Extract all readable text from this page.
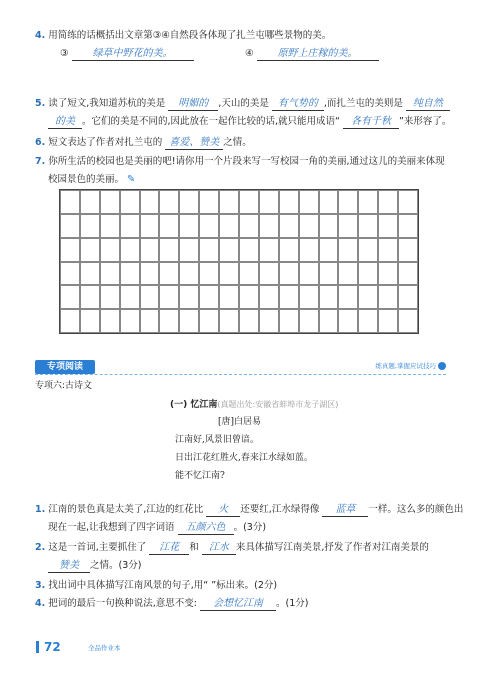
4. 用简练的话概括出文章第③④自然段各体现了扎兰屯哪些景物的美。
③ 绿草中野花的美。	④ 原野上庄稼的美。
5. 读了短文,我知道苏杭的美是 明媚的 ,天山的美是 有气势的 ,而扎兰屯的美则是 纯自然
的美 。它们的美是不同的,因此放在一起作比较的话,就只能用成语“ 各有千秋 ”来形容了。
6. 短文表达了作者对扎兰屯的 喜爱、赞美 之情。
7. 你所生活的校园也是美丽的吧!请你用一个片段来写一写校园一角的美丽,通过这儿的美丽来体现
校园景色的美丽。 ✎
专项阅读	练真题,掌握应试技巧
专项六:古诗文
(一) 忆江南(真题出处:安徽省蚌埠市龙子湖区)
[唐]白居易
江南好,风景旧曾谙。
日出江花红胜火,春来江水绿如蓝。
能不忆江南?
1. 江南的景色真是太美了,江边的红花比 火 还要红,江水绿得像 蓝草 一样。这么多的颜色出
现在一起,让我想到了四字词语 五颜六色 。(3分)
2. 这是一首词,主要抓住了 江花 和 江水 来具体描写江南美景,抒发了作者对江南美景的
赞美 之情。(3分)
3. 找出词中具体描写江南风景的句子,用“ ”标出来。(2分)
4. 把词的最后一句换种说法,意思不变: 会想忆江南 。(1分)
72	全品作业本
